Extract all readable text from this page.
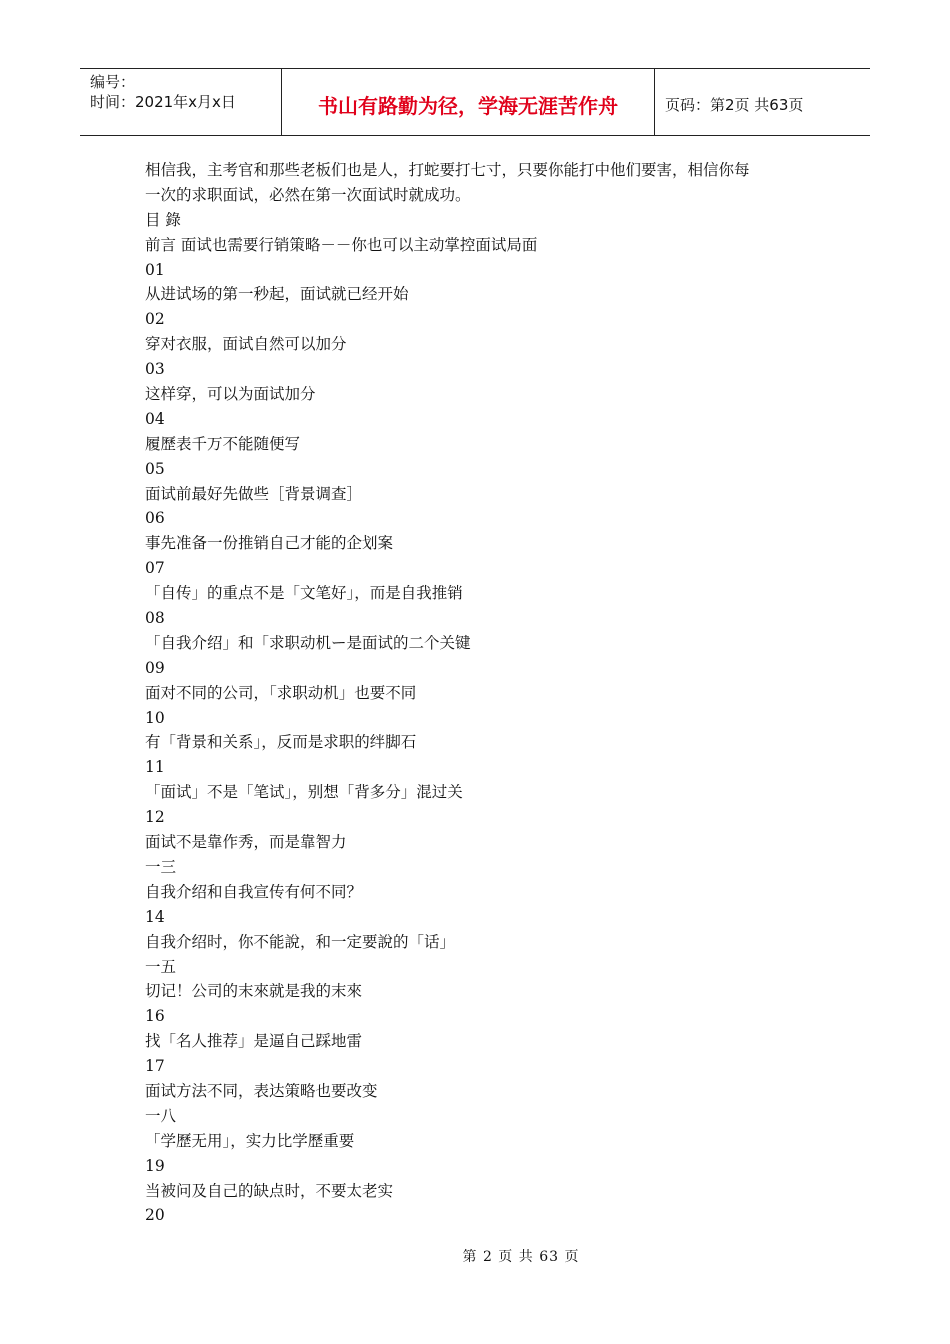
编号：
时间：2021年x月x日	书山有路勤为径，学海无涯苦作舟	页码：第2页 共63页
相信我，主考官和那些老板们也是人，打蛇要打七寸，只要你能打中他们要害，相信你每
一次的求职面试，必然在第一次面试时就成功。
目 錄
前言 面试也需要行销策略－－你也可以主动掌控面试局面
01
从进试场的第一秒起，面试就已经开始
02
穿对衣服，面试自然可以加分
03
这样穿，可以为面试加分
04
履歷表千万不能随便写
05
面试前最好先做些［背景调查］
06
事先准备一份推销自己才能的企划案
07
「自传」的重点不是「文笔好」，而是自我推销
08
「自我介绍」和「求职动机ー是面试的二个关键
09
面对不同的公司，「求职动机」也要不同
10
有「背景和关系」，反而是求职的绊脚石
11
「面试」不是「笔试」，别想「背多分」混过关
12
面试不是靠作秀，而是靠智力
一三
自我介绍和自我宣传有何不同？
14
自我介绍时，你不能說，和一定要說的「话」
一五
切记！公司的末來就是我的末來
16
找「名人推荐」是逼自己踩地雷
17
面试方法不同，表达策略也要改变
一八
「学歷无用」，实力比学歷重要
19
当被问及自己的缺点时，不要太老实
20
第 2 页 共 63 页
